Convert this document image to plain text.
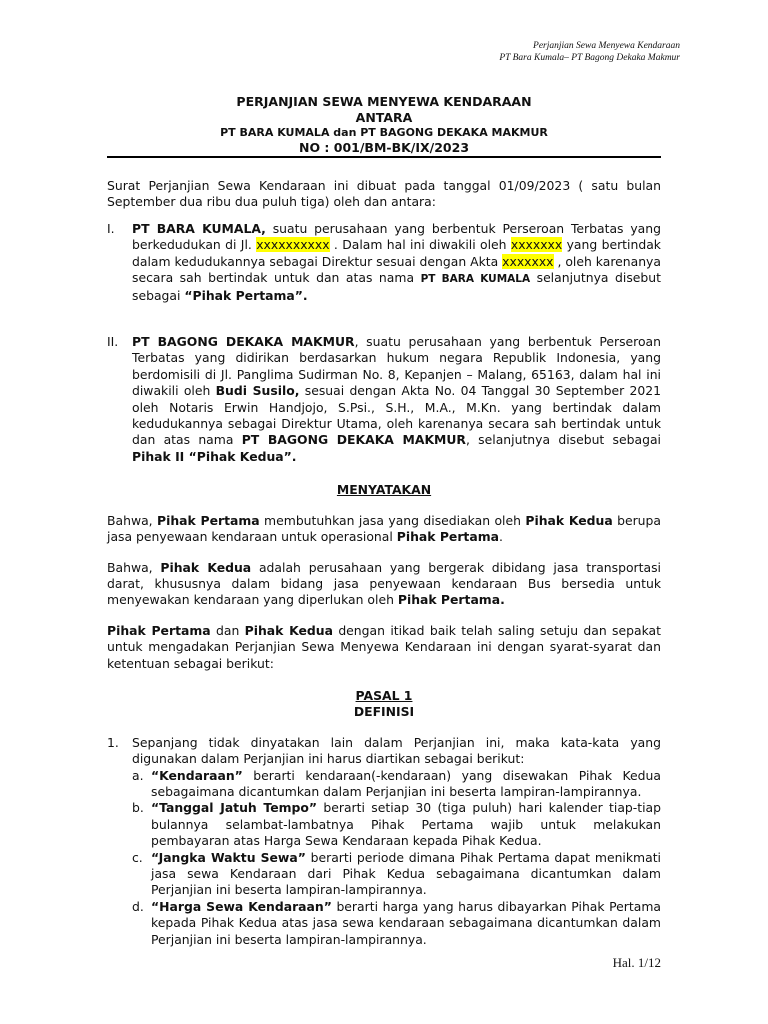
Perjanjian Sewa Menyewa Kendaraan
PT Bara Kumala– PT Bagong Dekaka Makmur
PERJANJIAN SEWA MENYEWA KENDARAAN
ANTARA
PT BARA KUMALA dan PT BAGONG DEKAKA MAKMUR
NO : 001/BM-BK/IX/2023

Surat Perjanjian Sewa Kendaraan ini dibuat pada tanggal 01/09/2023 ( satu bulan September dua ribu dua puluh tiga) oleh dan antara:

I. PT BARA KUMALA, suatu perusahaan yang berbentuk Perseroan Terbatas yang berkedudukan di Jl. xxxxxxxxxx . Dalam hal ini diwakili oleh xxxxxxx yang bertindak dalam kedudukannya sebagai Direktur sesuai dengan Akta xxxxxxx , oleh karenanya secara sah bertindak untuk dan atas nama PT BARA KUMALA selanjutnya disebut sebagai “Pihak Pertama”.
II. PT BAGONG DEKAKA MAKMUR, suatu perusahaan yang berbentuk Perseroan Terbatas yang didirikan berdasarkan hukum negara Republik Indonesia, yang berdomisili di Jl. Panglima Sudirman No. 8, Kepanjen – Malang, 65163, dalam hal ini diwakili oleh Budi Susilo, sesuai dengan Akta No. 04 Tanggal 30 September 2021 oleh Notaris Erwin Handjojo, S.Psi., S.H., M.A., M.Kn. yang bertindak dalam kedudukannya sebagai Direktur Utama, oleh karenanya secara sah bertindak untuk dan atas nama PT BAGONG DEKAKA MAKMUR, selanjutnya disebut sebagai Pihak II “Pihak Kedua”.

MENYATAKAN

Bahwa, Pihak Pertama membutuhkan jasa yang disediakan oleh Pihak Kedua berupa jasa penyewaan kendaraan untuk operasional Pihak Pertama.

Bahwa, Pihak Kedua adalah perusahaan yang bergerak dibidang jasa transportasi darat, khususnya dalam bidang jasa penyewaan kendaraan Bus bersedia untuk menyewakan kendaraan yang diperlukan oleh Pihak Pertama.

Pihak Pertama dan Pihak Kedua dengan itikad baik telah saling setuju dan sepakat untuk mengadakan Perjanjian Sewa Menyewa Kendaraan ini dengan syarat-syarat dan ketentuan sebagai berikut:

PASAL 1

DEFINISI

1. Sepanjang tidak dinyatakan lain dalam Perjanjian ini, maka kata-kata yang digunakan dalam Perjanjian ini harus diartikan sebagai berikut:
a. “Kendaraan” berarti kendaraan(-kendaraan) yang disewakan Pihak Kedua sebagaimana dicantumkan dalam Perjanjian ini beserta lampiran-lampirannya.
b. “Tanggal Jatuh Tempo” berarti setiap 30 (tiga puluh) hari kalender tiap-tiap bulannya selambat-lambatnya Pihak Pertama wajib untuk melakukan pembayaran atas Harga Sewa Kendaraan kepada Pihak Kedua.
c. “Jangka Waktu Sewa” berarti periode dimana Pihak Pertama dapat menikmati jasa sewa Kendaraan dari Pihak Kedua sebagaimana dicantumkan dalam Perjanjian ini beserta lampiran-lampirannya.
d. “Harga Sewa Kendaraan” berarti harga yang harus dibayarkan Pihak Pertama kepada Pihak Kedua atas jasa sewa kendaraan sebagaimana dicantumkan dalam Perjanjian ini beserta lampiran-lampirannya.
Hal. 1/12
